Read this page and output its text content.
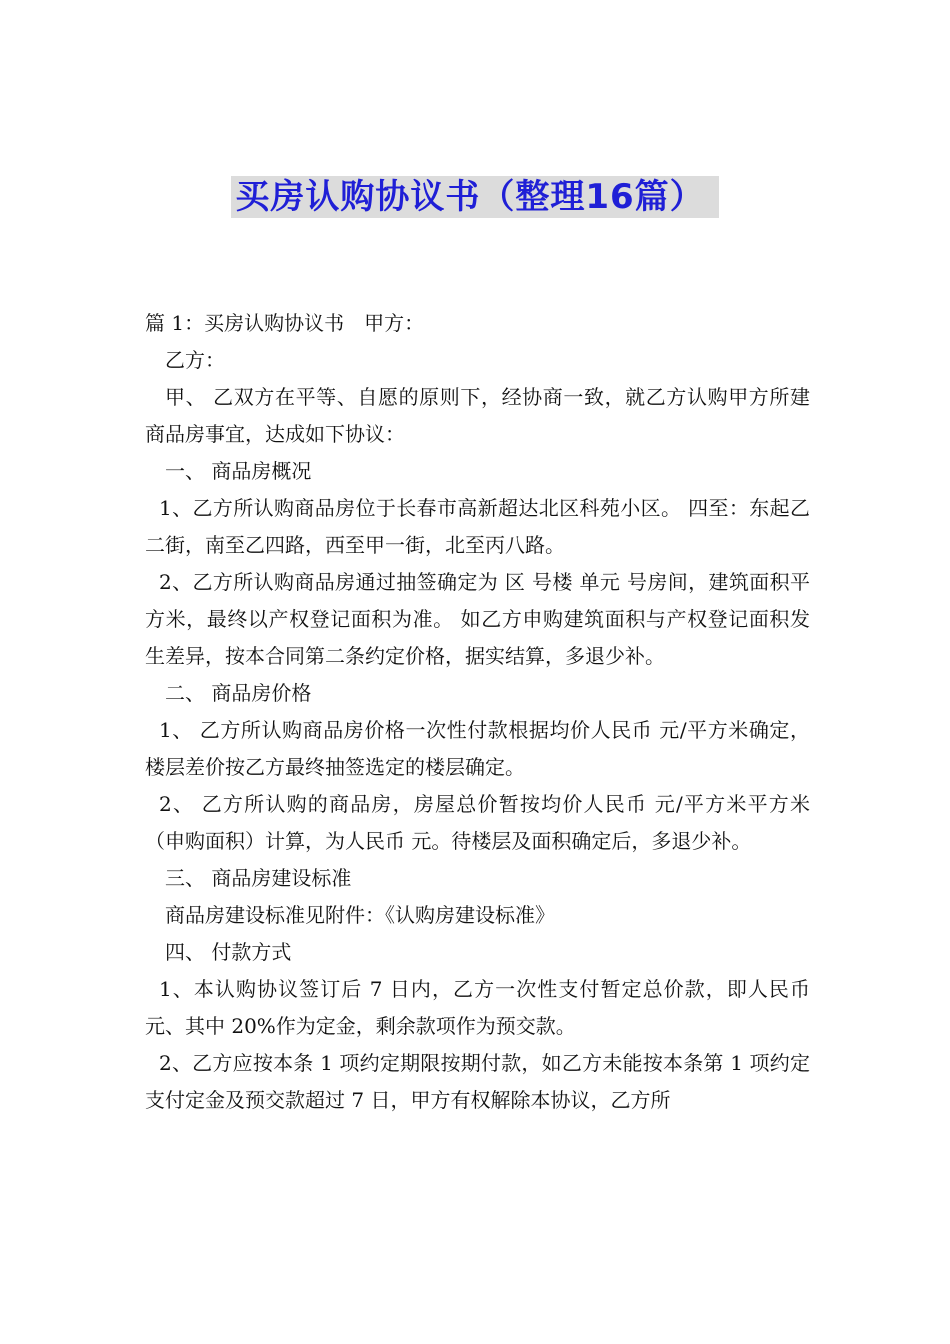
买房认购协议书（整理16篇）

篇 1：买房认购协议书　甲方：

乙方：

甲、 乙双方在平等、自愿的原则下，经协商一致，就乙方认购甲方所建商品房事宜，达成如下协议：

一、 商品房概况

1、乙方所认购商品房位于长春市高新超达北区科苑小区。 四至：东起乙二街，南至乙四路，西至甲一街，北至丙八路。

2、乙方所认购商品房通过抽签确定为 区 号楼 单元 号房间，建筑面积平方米，最终以产权登记面积为准。 如乙方申购建筑面积与产权登记面积发生差异，按本合同第二条约定价格，据实结算，多退少补。

二、 商品房价格

1、 乙方所认购商品房价格一次性付款根据均价人民币 元/平方米确定，楼层差价按乙方最终抽签选定的楼层确定。

2、 乙方所认购的商品房，房屋总价暂按均价人民币 元/平方米平方米（申购面积）计算，为人民币 元。待楼层及面积确定后，多退少补。

三、 商品房建设标准

商品房建设标准见附件：《认购房建设标准》

四、 付款方式

1、本认购协议签订后 7 日内，乙方一次性支付暂定总价款，即人民币 元、其中 20%作为定金，剩余款项作为预交款。

2、乙方应按本条 1 项约定期限按期付款，如乙方未能按本条第 1 项约定支付定金及预交款超过 7 日，甲方有权解除本协议，乙方所
